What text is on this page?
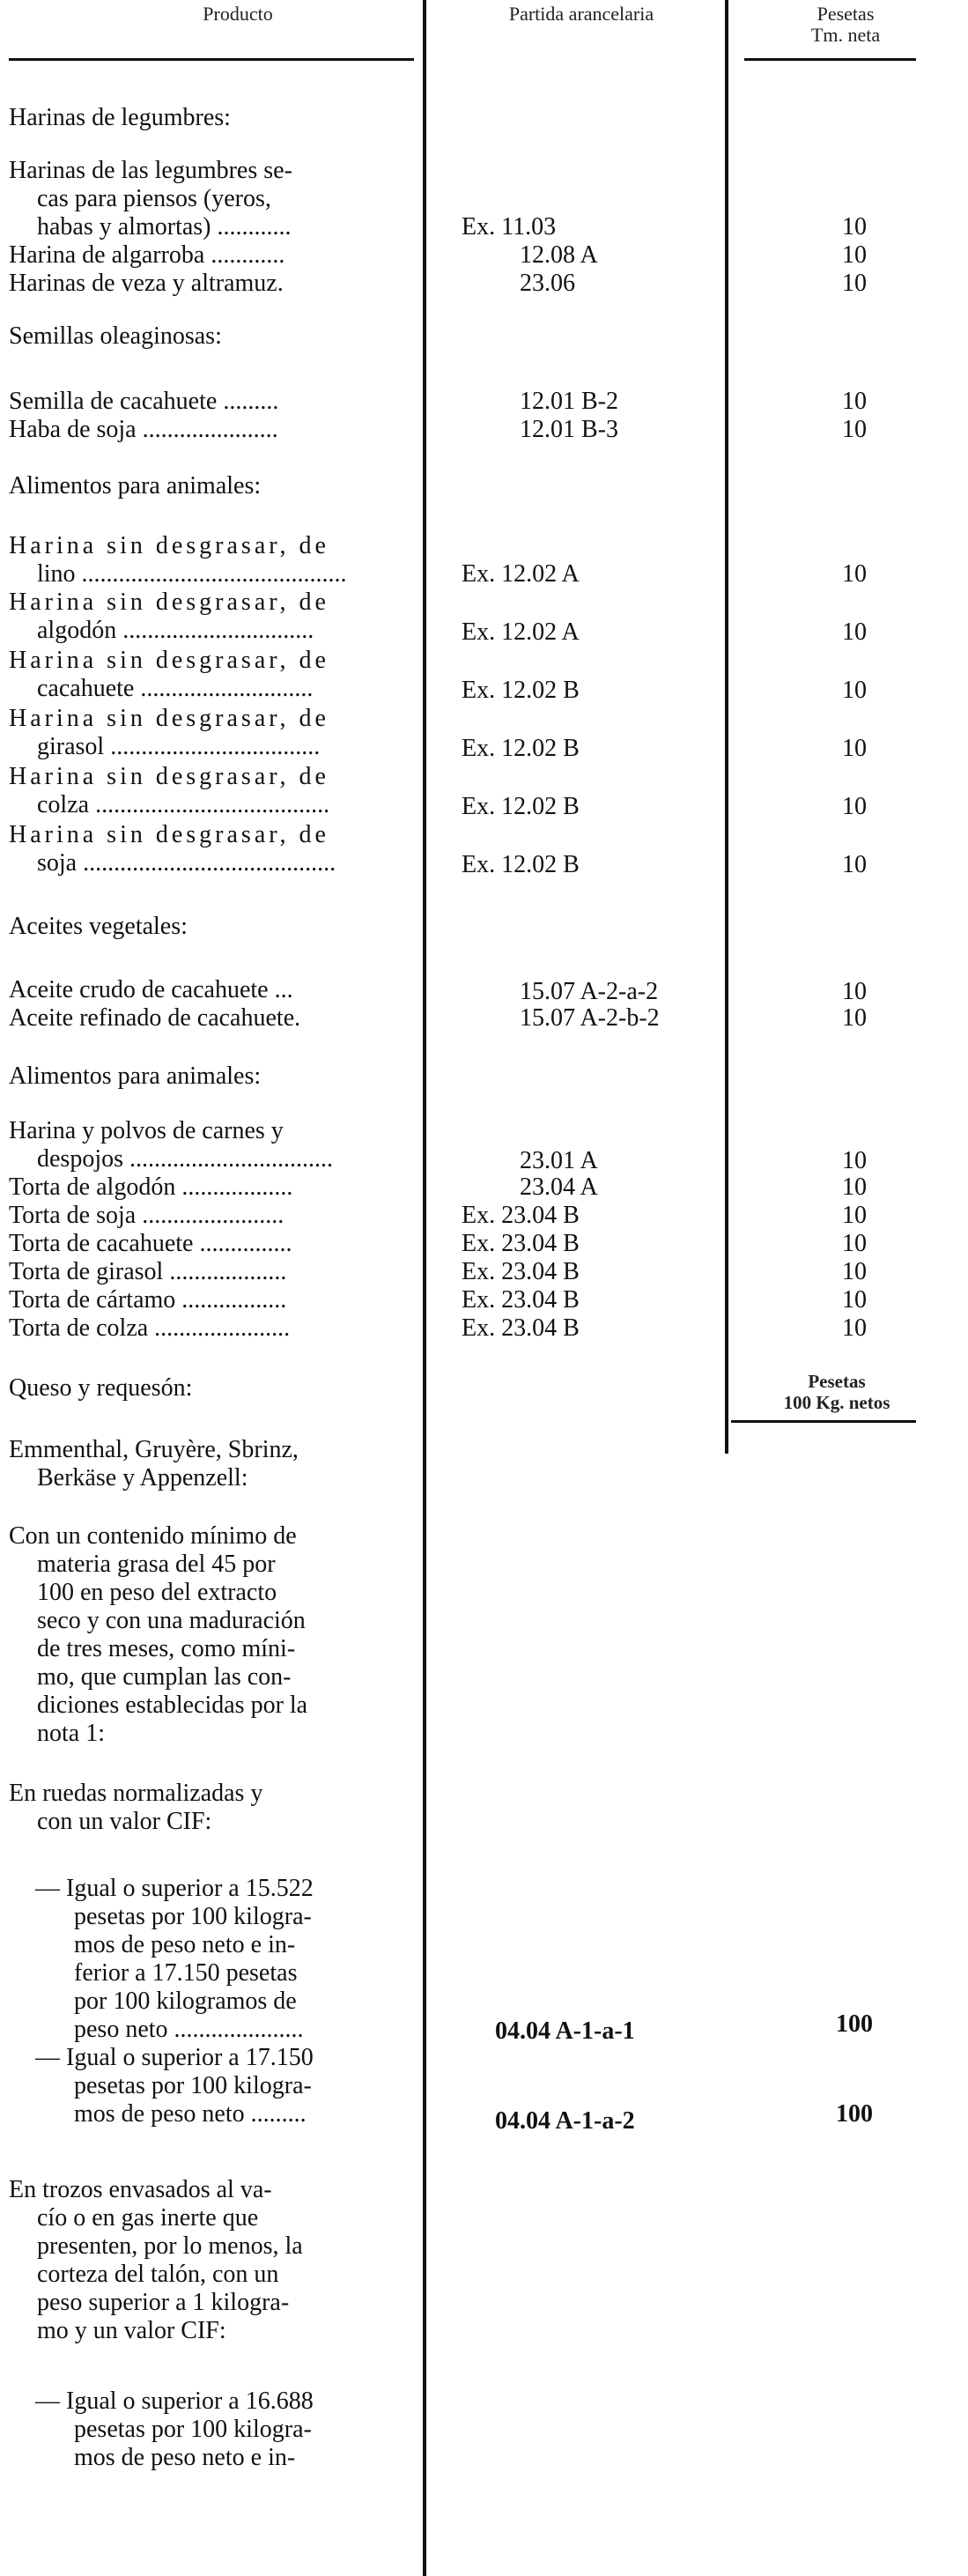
Producto	Partida arancelaria	Pesetas
Tm. neta
Harinas de legumbres:
Harinas de las legumbres se-
cas para piensos (yeros,
habas y almortas) ............	Ex. 11.03	10
Harina de algarroba ............	12.08 A	10
Harinas de veza y altramuz.	23.06	10
Semillas oleaginosas:
Semilla de cacahuete .........	12.01 B-2	10
Haba de soja ......................	12.01 B-3	10
Alimentos para animales:
Harina sin desgrasar, de
lino ...........................................	Ex. 12.02 A	10
Harina sin desgrasar, de
algodón ...............................	Ex. 12.02 A	10
Harina sin desgrasar, de
cacahuete ............................	Ex. 12.02 B	10
Harina sin desgrasar, de
girasol ..................................	Ex. 12.02 B	10
Harina sin desgrasar, de
colza ......................................	Ex. 12.02 B	10
Harina sin desgrasar, de
soja .........................................	Ex. 12.02 B	10
Aceites vegetales:
Aceite crudo de cacahuete ...	15.07 A-2-a-2	10
Aceite refinado de cacahuete.	15.07 A-2-b-2	10
Alimentos para animales:
Harina y polvos de carnes y
despojos .................................	23.01 A	10
Torta de algodón ..................	23.04 A	10
Torta de soja .......................	Ex. 23.04 B	10
Torta de cacahuete ...............	Ex. 23.04 B	10
Torta de girasol ...................	Ex. 23.04 B	10
Torta de cártamo .................	Ex. 23.04 B	10
Torta de colza ......................	Ex. 23.04 B	10
Queso y requesón:	Pesetas
100 Kg. netos
Emmenthal, Gruyère, Sbrinz,
Berkäse y Appenzell:
Con un contenido mínimo de
materia grasa del 45 por
100 en peso del extracto
seco y con una maduración
de tres meses, como míni-
mo, que cumplan las con-
diciones establecidas por la
nota 1:
En ruedas normalizadas y
con un valor CIF:
— Igual o superior a 15.522
pesetas por 100 kilogra-
mos de peso neto e in-
ferior a 17.150 pesetas
por 100 kilogramos de
peso neto .....................	04.04 A-1-a-1	100
— Igual o superior a 17.150
pesetas por 100 kilogra-
mos de peso neto .........	04.04 A-1-a-2	100
En trozos envasados al va-
cío o en gas inerte que
presenten, por lo menos, la
corteza del talón, con un
peso superior a 1 kilogra-
mo y un valor CIF:
— Igual o superior a 16.688
pesetas por 100 kilogra-
mos de peso neto e in-
